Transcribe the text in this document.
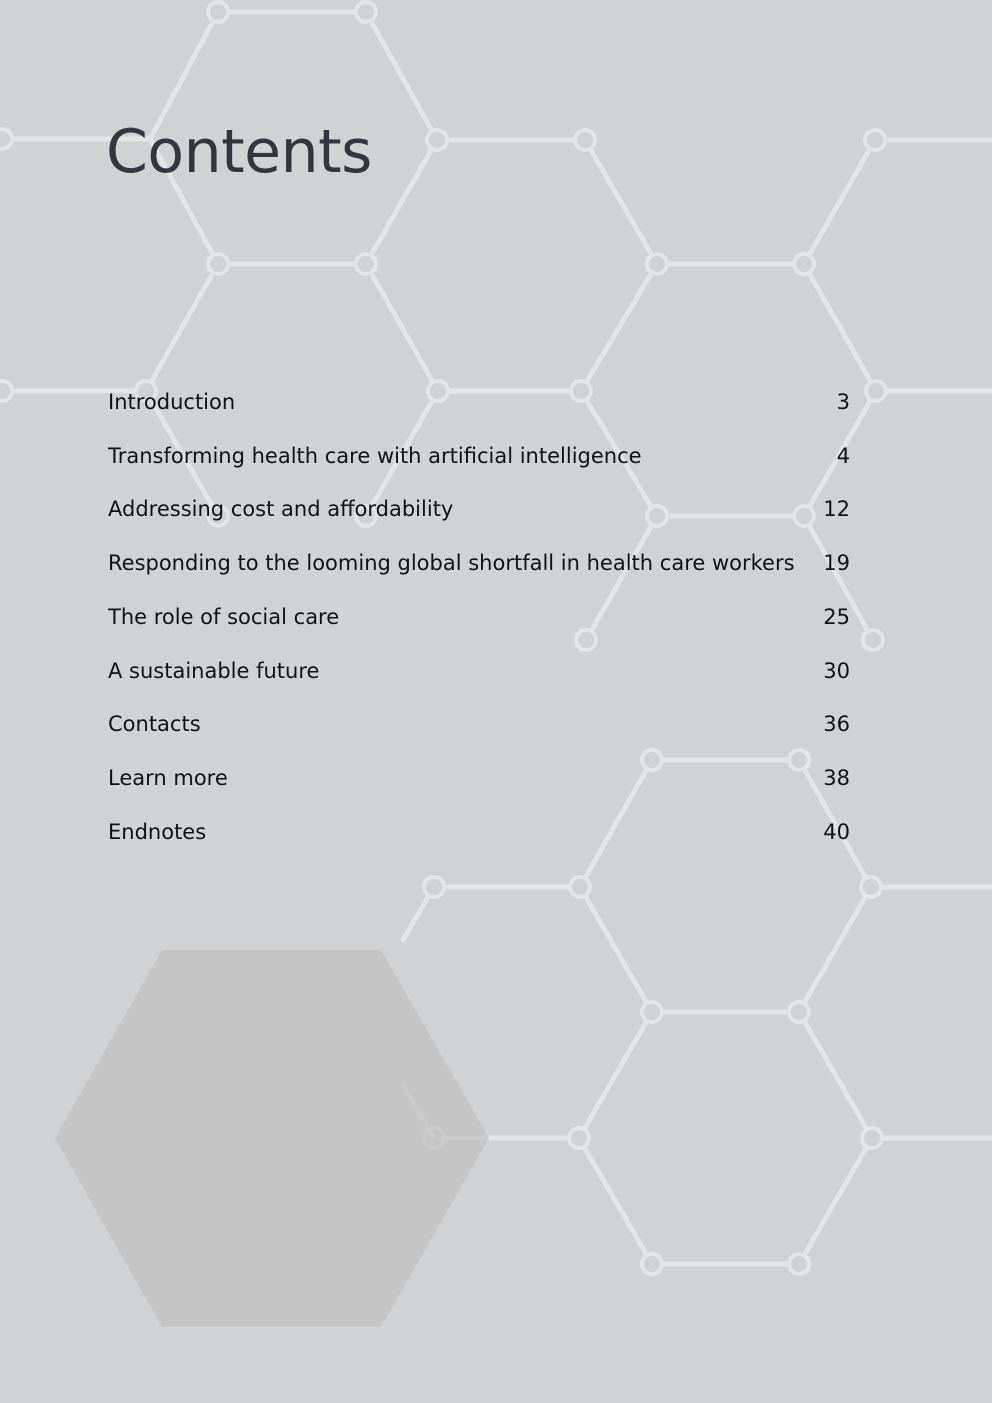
Contents
Introduction	3
Transforming health care with artificial intelligence	4
Addressing cost and affordability	12
Responding to the looming global shortfall in health care workers 19
The role of social care	25
A sustainable future	30
Contacts	36
Learn more	38
Endnotes	40
